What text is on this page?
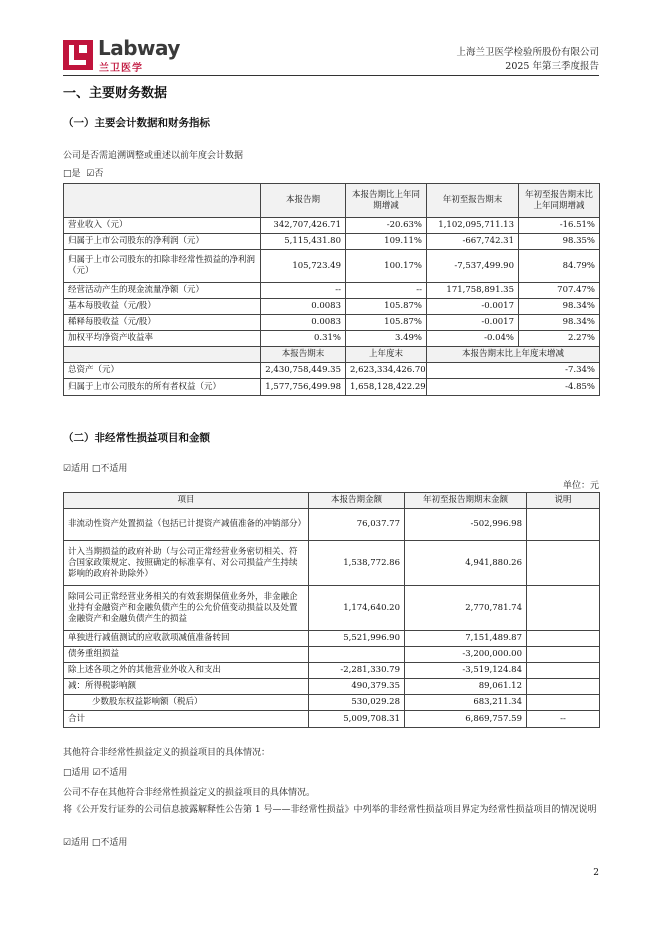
Labway
兰卫医学
上海兰卫医学检验所股份有限公司
2025 年第三季度报告
一、主要财务数据
（一）主要会计数据和财务指标
公司是否需追溯调整或重述以前年度会计数据
□是 ☑否
	本报告期	本报告期比上年同期增减	年初至报告期末	年初至报告期末比上年同期增减
营业收入（元）	342,707,426.71	-20.63%	1,102,095,711.13	-16.51%
归属于上市公司股东的净利润（元）	5,115,431.80	109.11%	-667,742.31	98.35%
归属于上市公司股东的扣除非经常性损益的净利润（元）	105,723.49	100.17%	-7,537,499.90	84.79%
经营活动产生的现金流量净额（元）	--	--	171,758,891.35	707.47%
基本每股收益（元/股）	0.0083	105.87%	-0.0017	98.34%
稀释每股收益（元/股）	0.0083	105.87%	-0.0017	98.34%
加权平均净资产收益率	0.31%	3.49%	-0.04%	2.27%
	本报告期末	上年度末	本报告期末比上年度末增减	
总资产（元）	2,430,758,449.35	2,623,334,426.70	-7.34%	
归属于上市公司股东的所有者权益（元）	1,577,756,499.98	1,658,128,422.29	-4.85%	
（二）非经常性损益项目和金额
☑适用 □不适用
单位：元
项目	本报告期金额	年初至报告期期末金额	说明
非流动性资产处置损益（包括已计提资产减值准备的冲销部分）	76,037.77	-502,996.98	
计入当期损益的政府补助（与公司正常经营业务密切相关、符合国家政策规定、按照确定的标准享有、对公司损益产生持续影响的政府补助除外）	1,538,772.86	4,941,880.26	
除同公司正常经营业务相关的有效套期保值业务外，非金融企业持有金融资产和金融负债产生的公允价值变动损益以及处置金融资产和金融负债产生的损益	1,174,640.20	2,770,781.74	
单独进行减值测试的应收款项减值准备转回	5,521,996.90	7,151,489.87	
债务重组损益		-3,200,000.00	
除上述各项之外的其他营业外收入和支出	-2,281,330.79	-3,519,124.84	
减：所得税影响额	490,379.35	89,061.12	
少数股东权益影响额（税后）	530,029.28	683,211.34	
合计	5,009,708.31	6,869,757.59	--
其他符合非经常性损益定义的损益项目的具体情况：
□适用 ☑不适用
公司不存在其他符合非经常性损益定义的损益项目的具体情况。
将《公开发行证券的公司信息披露解释性公告第 1 号——非经常性损益》中列举的非经常性损益项目界定为经常性损益项目的情况说明
☑适用 □不适用
2
